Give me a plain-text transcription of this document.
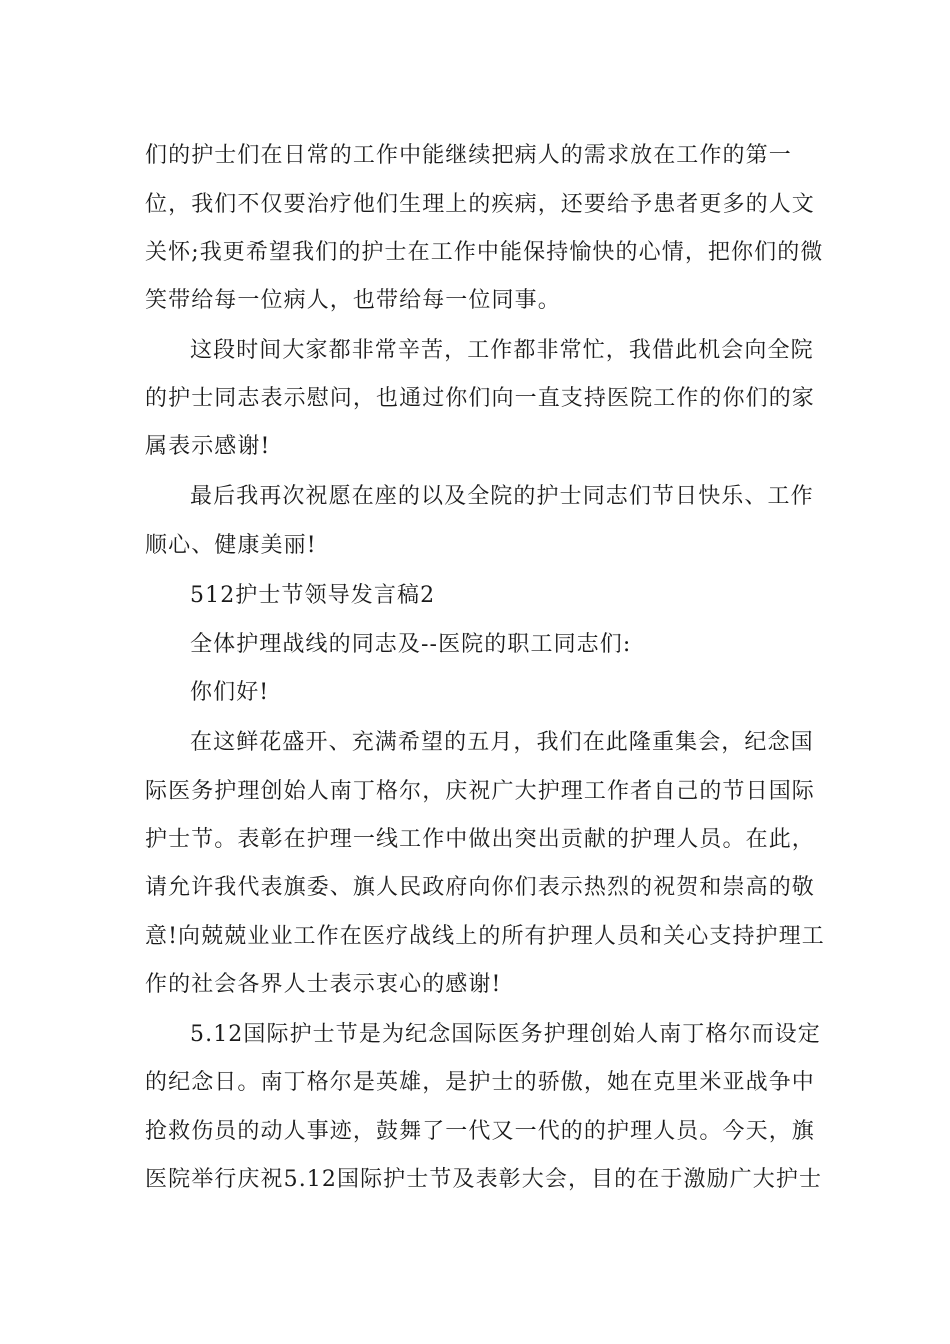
们的护士们在日常的工作中能继续把病人的需求放在工作的第一
位，我们不仅要治疗他们生理上的疾病，还要给予患者更多的人文
关怀;我更希望我们的护士在工作中能保持愉快的心情，把你们的微
笑带给每一位病人，也带给每一位同事。
这段时间大家都非常辛苦，工作都非常忙，我借此机会向全院
的护士同志表示慰问，也通过你们向一直支持医院工作的你们的家
属表示感谢!
最后我再次祝愿在座的以及全院的护士同志们节日快乐、工作
顺心、健康美丽!
512护士节领导发言稿2
全体护理战线的同志及--医院的职工同志们:
你们好!
在这鲜花盛开、充满希望的五月，我们在此隆重集会，纪念国
际医务护理创始人南丁格尔，庆祝广大护理工作者自己的节日国际
护士节。表彰在护理一线工作中做出突出贡献的护理人员。在此，
请允许我代表旗委、旗人民政府向你们表示热烈的祝贺和崇高的敬
意!向兢兢业业工作在医疗战线上的所有护理人员和关心支持护理工
作的社会各界人士表示衷心的感谢!
5.12国际护士节是为纪念国际医务护理创始人南丁格尔而设定
的纪念日。南丁格尔是英雄，是护士的骄傲，她在克里米亚战争中
抢救伤员的动人事迹，鼓舞了一代又一代的的护理人员。今天，旗
医院举行庆祝5.12国际护士节及表彰大会，目的在于激励广大护士
